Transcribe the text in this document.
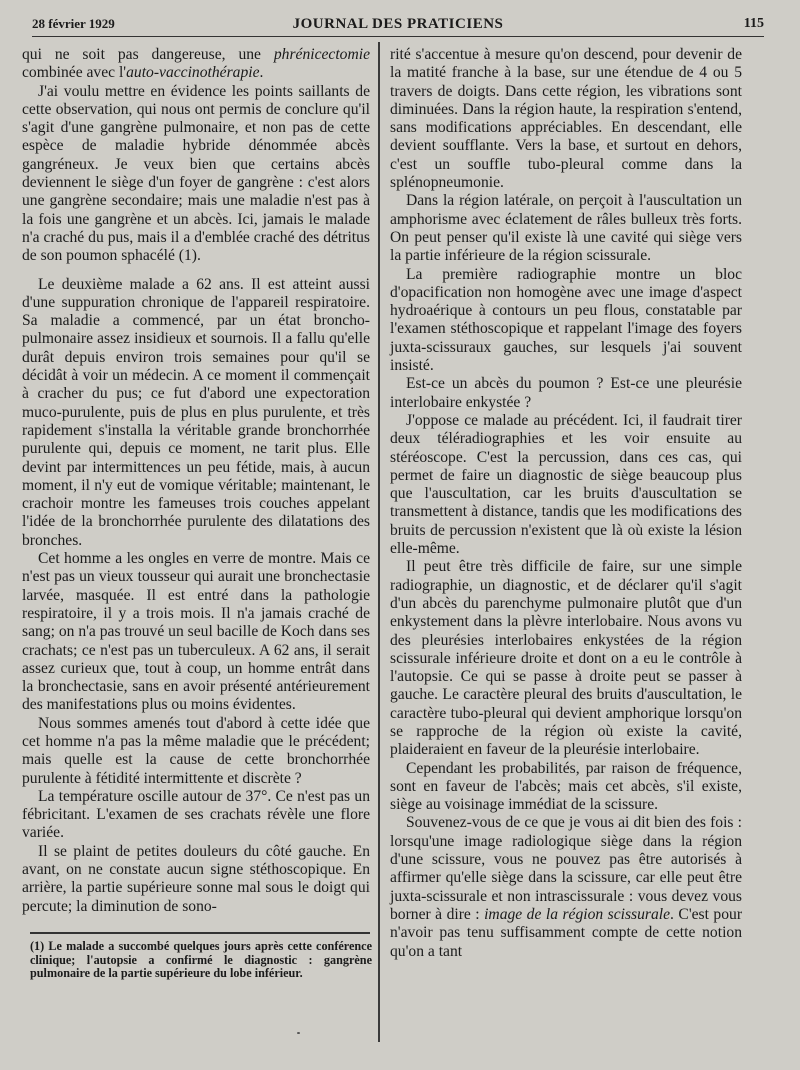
28 février 1929	JOURNAL DES PRATICIENS	115

qui ne soit pas dangereuse, une phrénicectomie combinée avec l'auto-vaccinothérapie.

J'ai voulu mettre en évidence les points saillants de cette observation, qui nous ont permis de conclure qu'il s'agit d'une gangrène pulmonaire, et non pas de cette espèce de maladie hybride dénommée abcès gangréneux. Je veux bien que certains abcès deviennent le siège d'un foyer de gangrène : c'est alors une gangrène secondaire; mais une maladie n'est pas à la fois une gangrène et un abcès. Ici, jamais le malade n'a craché du pus, mais il a d'emblée craché des détritus de son poumon sphacélé (1).

Le deuxième malade a 62 ans. Il est atteint aussi d'une suppuration chronique de l'appareil respiratoire. Sa maladie a commencé, par un état broncho-pulmonaire assez insidieux et sournois. Il a fallu qu'elle durât depuis environ trois semaines pour qu'il se décidât à voir un médecin. A ce moment il commençait à cracher du pus; ce fut d'abord une expectoration muco-purulente, puis de plus en plus purulente, et très rapidement s'installa la véritable grande bronchorrhée purulente qui, depuis ce moment, ne tarit plus. Elle devint par intermittences un peu fétide, mais, à aucun moment, il n'y eut de vomique véritable; maintenant, le crachoir montre les fameuses trois couches appelant l'idée de la bronchorrhée purulente des dilatations des bronches.

Cet homme a les ongles en verre de montre. Mais ce n'est pas un vieux tousseur qui aurait une bronchectasie larvée, masquée. Il est entré dans la pathologie respiratoire, il y a trois mois. Il n'a jamais craché de sang; on n'a pas trouvé un seul bacille de Koch dans ses crachats; ce n'est pas un tuberculeux. A 62 ans, il serait assez curieux que, tout à coup, un homme entrât dans la bronchectasie, sans en avoir présenté antérieurement des manifestations plus ou moins évidentes.

Nous sommes amenés tout d'abord à cette idée que cet homme n'a pas la même maladie que le précédent; mais quelle est la cause de cette bronchorrhée purulente à fétidité intermittente et discrète ?

La température oscille autour de 37°. Ce n'est pas un fébricitant. L'examen de ses crachats révèle une flore variée.

Il se plaint de petites douleurs du côté gauche. En avant, on ne constate aucun signe stéthoscopique. En arrière, la partie supérieure sonne mal sous le doigt qui percute; la diminution de sono-

(1) Le malade a succombé quelques jours après cette conférence clinique; l'autopsie a confirmé le diagnostic : gangrène pulmonaire de la partie supérieure du lobe inférieur.

rité s'accentue à mesure qu'on descend, pour devenir de la matité franche à la base, sur une étendue de 4 ou 5 travers de doigts. Dans cette région, les vibrations sont diminuées. Dans la région haute, la respiration s'entend, sans modifications appréciables. En descendant, elle devient soufflante. Vers la base, et surtout en dehors, c'est un souffle tubo-pleural comme dans la splénopneumonie.

Dans la région latérale, on perçoit à l'auscultation un amphorisme avec éclatement de râles bulleux très forts. On peut penser qu'il existe là une cavité qui siège vers la partie inférieure de la région scissurale.

La première radiographie montre un bloc d'opacification non homogène avec une image d'aspect hydroaérique à contours un peu flous, constatable par l'examen stéthoscopique et rappelant l'image des foyers juxta-scissuraux gauches, sur lesquels j'ai souvent insisté.

Est-ce un abcès du poumon ? Est-ce une pleurésie interlobaire enkystée ?

J'oppose ce malade au précédent. Ici, il faudrait tirer deux téléradiographies et les voir ensuite au stéréoscope. C'est la percussion, dans ces cas, qui permet de faire un diagnostic de siège beaucoup plus que l'auscultation, car les bruits d'auscultation se transmettent à distance, tandis que les modifications des bruits de percussion n'existent que là où existe la lésion elle-même.

Il peut être très difficile de faire, sur une simple radiographie, un diagnostic, et de déclarer qu'il s'agit d'un abcès du parenchyme pulmonaire plutôt que d'un enkystement dans la plèvre interlobaire. Nous avons vu des pleurésies interlobaires enkystées de la région scissurale inférieure droite et dont on a eu le contrôle à l'autopsie. Ce qui se passe à droite peut se passer à gauche. Le caractère pleural des bruits d'auscultation, le caractère tubo-pleural qui devient amphorique lorsqu'on se rapproche de la région où existe la cavité, plaideraient en faveur de la pleurésie interlobaire.

Cependant les probabilités, par raison de fréquence, sont en faveur de l'abcès; mais cet abcès, s'il existe, siège au voisinage immédiat de la scissure.

Souvenez-vous de ce que je vous ai dit bien des fois : lorsqu'une image radiologique siège dans la région d'une scissure, vous ne pouvez pas être autorisés à affirmer qu'elle siège dans la scissure, car elle peut être juxta-scissurale et non intrascissurale : vous devez vous borner à dire : image de la région scissurale. C'est pour n'avoir pas tenu suffisamment compte de cette notion qu'on a tant
